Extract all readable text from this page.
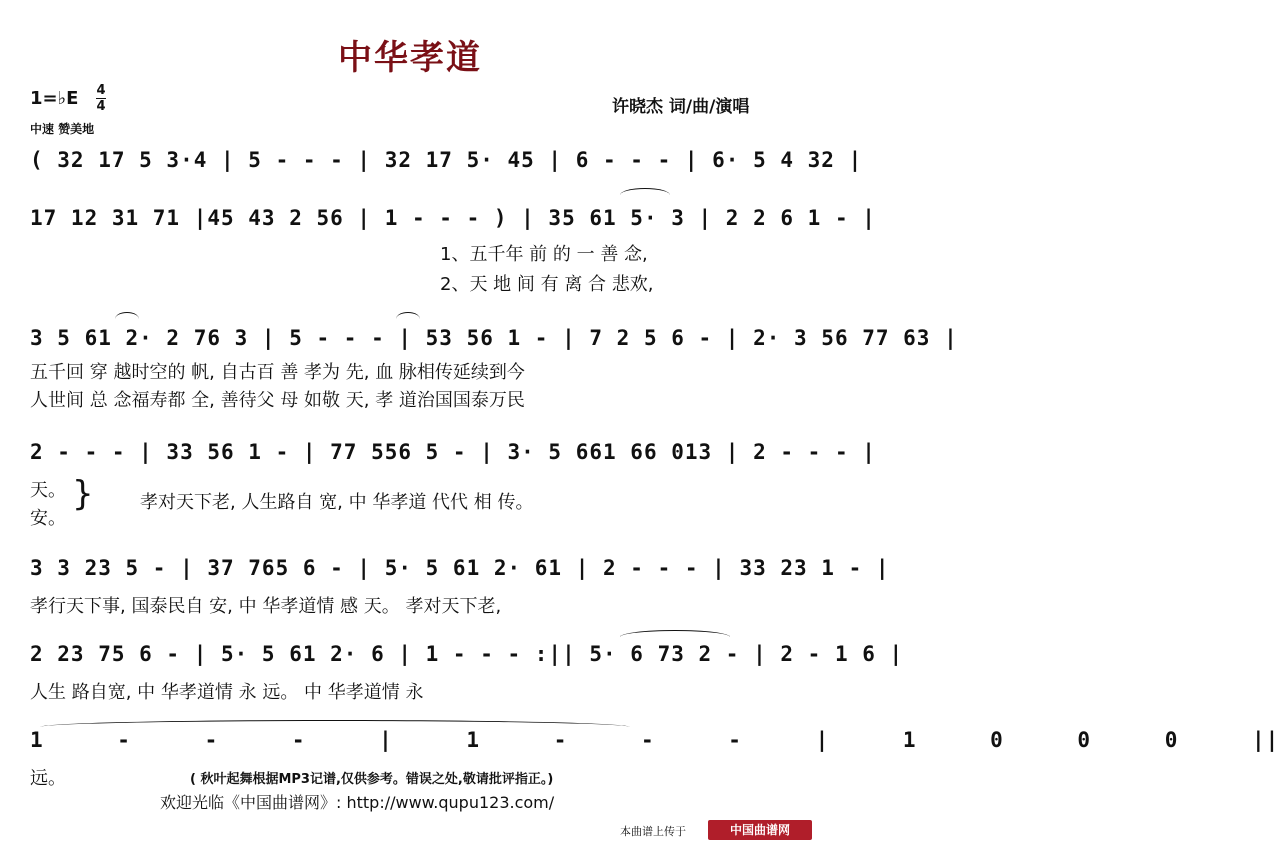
中华孝道
1=♭E 4
4
中速 赞美地
许晓杰 词/曲/演唱
( 32 17 5 3·4 | 5 - - - | 32 17 5· 45 | 6 - - - | 6· 5 4 32 |
17 12 31 71 |45 43 2 56 | 1 - - - ) | 35 61 5· 3 | 2 2 6 1 - |
1、五千年 前 的 一 善 念,
2、天 地 间 有 离 合 悲欢,
3 5 61 2· 2 76 3 | 5 - - - | 53 56 1 - | 7 2 5 6 - | 2· 3 56 77 63 |
五千回 穿 越时空的 帆, 自古百 善 孝为 先, 血 脉相传延续到今
人世间 总 念福寿都 全, 善待父 母 如敬 天, 孝 道治国国泰万民
2 - - - | 33 56 1 - | 77 556 5 - | 3· 5 661 66 013 | 2 - - - |
天。
安。
}	孝对天下老, 人生路自 宽, 中 华孝道 代代 相 传。
3 3 23 5 - | 37 765 6 - | 5· 5 61 2· 61 | 2 - - - | 33 23 1 - |
孝行天下事, 国泰民自 安, 中 华孝道情 感 天。 孝对天下老,
2 23 75 6 - | 5· 5 61 2· 6 | 1 - - - :|| 5· 6 73 2 - | 2 - 1 6 |
人生 路自宽, 中 华孝道情 永 远。 中 华孝道情 永
1 - - - | 1 - - - | 1 0 0 0 ||
远。	( 秋叶起舞根据MP3记谱,仅供参考。错误之处,敬请批评指正。)
欢迎光临《中国曲谱网》: http://www.qupu123.com/
本曲谱上传于	中国曲谱网
